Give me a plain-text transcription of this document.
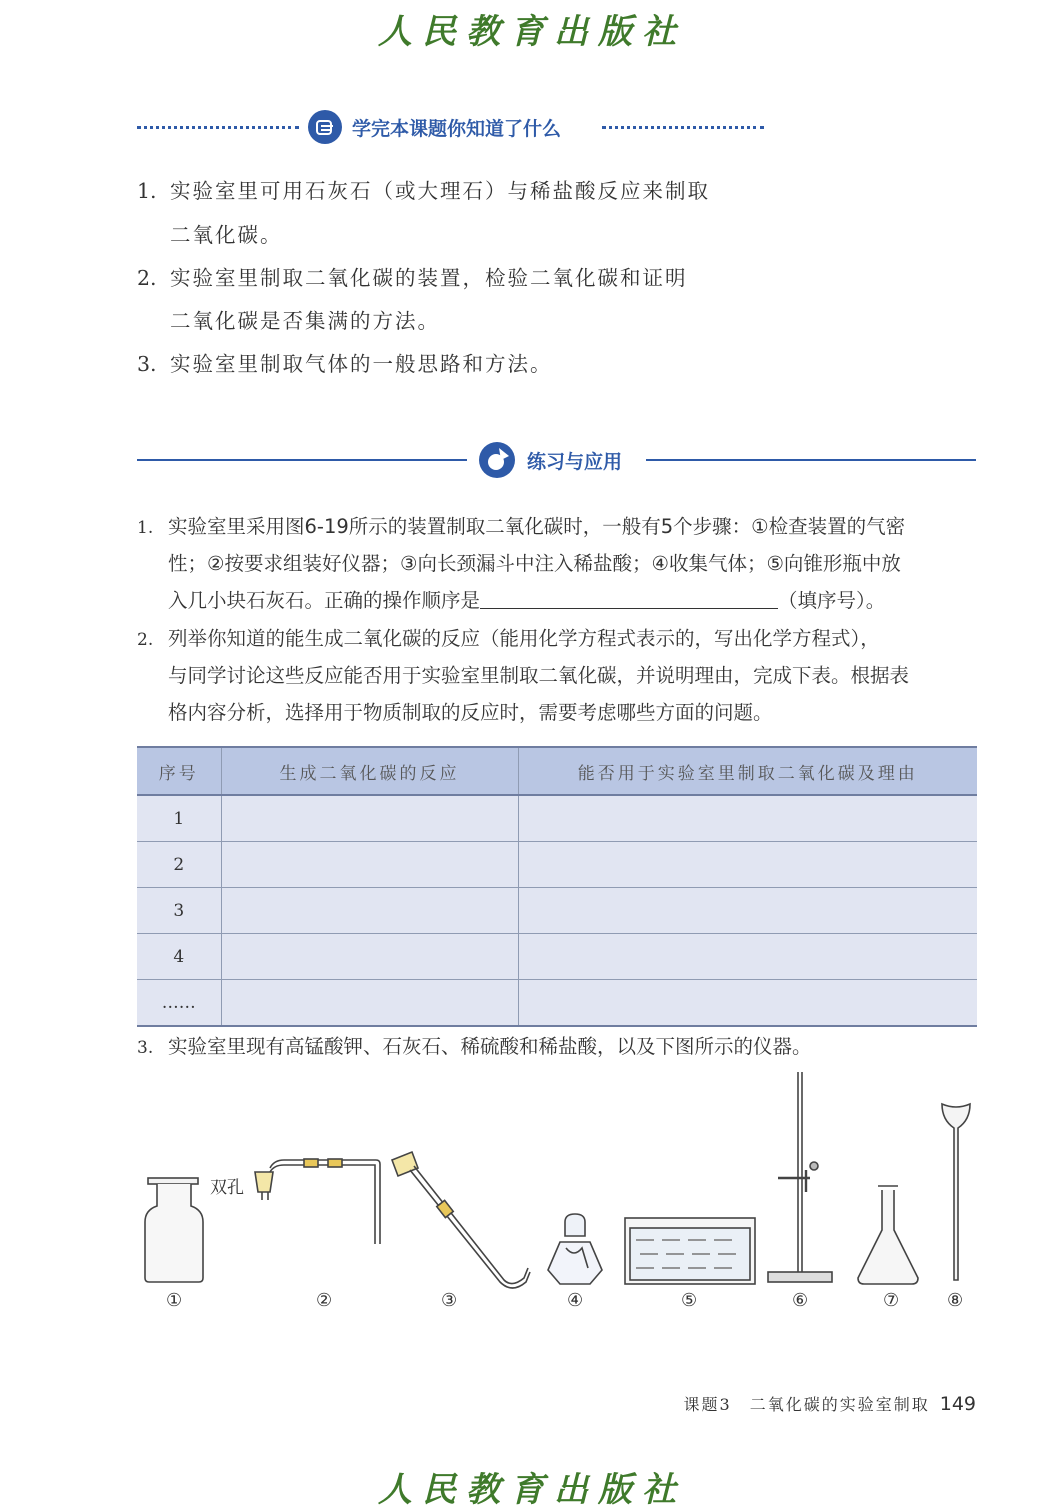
人民教育出版社
学完本课题你知道了什么
1. 实验室里可用石灰石（或大理石）与稀盐酸反应来制取
二氧化碳。
2. 实验室里制取二氧化碳的装置，检验二氧化碳和证明
二氧化碳是否集满的方法。
3. 实验室里制取气体的一般思路和方法。
练习与应用
1. 实验室里采用图6-19所示的装置制取二氧化碳时，一般有5个步骤：①检查装置的气密
性；②按要求组装好仪器；③向长颈漏斗中注入稀盐酸；④收集气体；⑤向锥形瓶中放
入几小块石灰石。正确的操作顺序是	（填序号）。
2. 列举你知道的能生成二氧化碳的反应（能用化学方程式表示的，写出化学方程式），
与同学讨论这些反应能否用于实验室里制取二氧化碳，并说明理由，完成下表。根据表
格内容分析，选择用于物质制取的反应时，需要考虑哪些方面的问题。
序号	生成二氧化碳的反应	能否用于实验室里制取二氧化碳及理由
1		
2		
3		
4		
……		
3. 实验室里现有高锰酸钾、石灰石、稀硫酸和稀盐酸，以及下图所示的仪器。
双孔
①	②	③	④	⑤	⑥	⑦	⑧
课题3　二氧化碳的实验室制取 149
人民教育出版社
